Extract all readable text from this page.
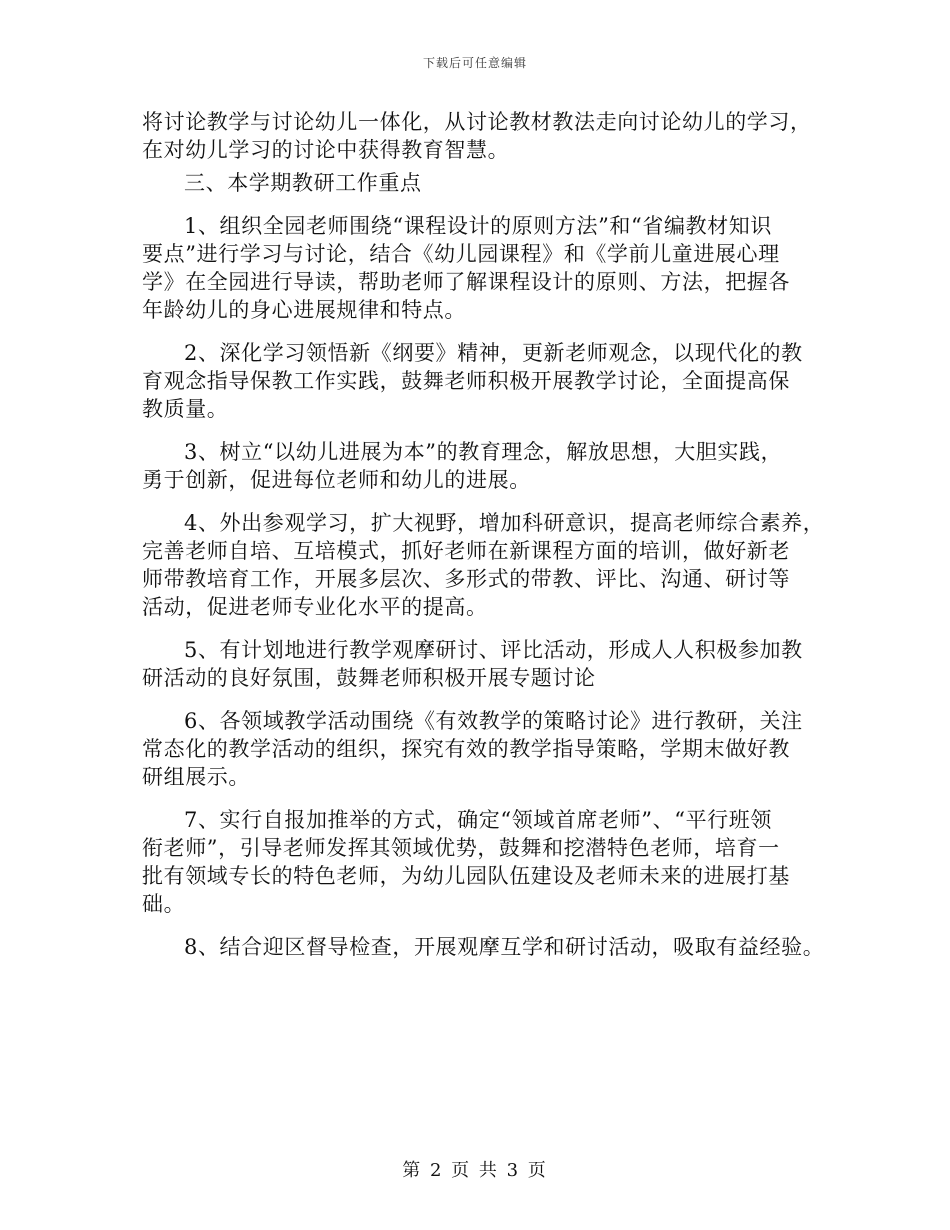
下载后可任意编辑
将讨论教学与讨论幼儿一体化，从讨论教材教法走向讨论幼儿的学习，
在对幼儿学习的讨论中获得教育智慧。
三、本学期教研工作重点
1、组织全园老师围绕“课程设计的原则方法”和“省编教材知识
要点”进行学习与讨论，结合《幼儿园课程》和《学前儿童进展心理
学》在全园进行导读，帮助老师了解课程设计的原则、方法，把握各
年龄幼儿的身心进展规律和特点。
2、深化学习领悟新《纲要》精神，更新老师观念，以现代化的教
育观念指导保教工作实践，鼓舞老师积极开展教学讨论，全面提高保
教质量。
3、树立“以幼儿进展为本”的教育理念，解放思想，大胆实践，
勇于创新，促进每位老师和幼儿的进展。
4、外出参观学习，扩大视野，增加科研意识，提高老师综合素养，
完善老师自培、互培模式，抓好老师在新课程方面的培训，做好新老
师带教培育工作，开展多层次、多形式的带教、评比、沟通、研讨等
活动，促进老师专业化水平的提高。
5、有计划地进行教学观摩研讨、评比活动，形成人人积极参加教
研活动的良好氛围，鼓舞老师积极开展专题讨论
6、各领域教学活动围绕《有效教学的策略讨论》进行教研，关注
常态化的教学活动的组织，探究有效的教学指导策略，学期末做好教
研组展示。
7、实行自报加推举的方式，确定“领域首席老师”、“平行班领
衔老师”，引导老师发挥其领域优势，鼓舞和挖潜特色老师，培育一
批有领域专长的特色老师，为幼儿园队伍建设及老师未来的进展打基
础。
8、结合迎区督导检查，开展观摩互学和研讨活动，吸取有益经验。
第 2 页 共 3 页
